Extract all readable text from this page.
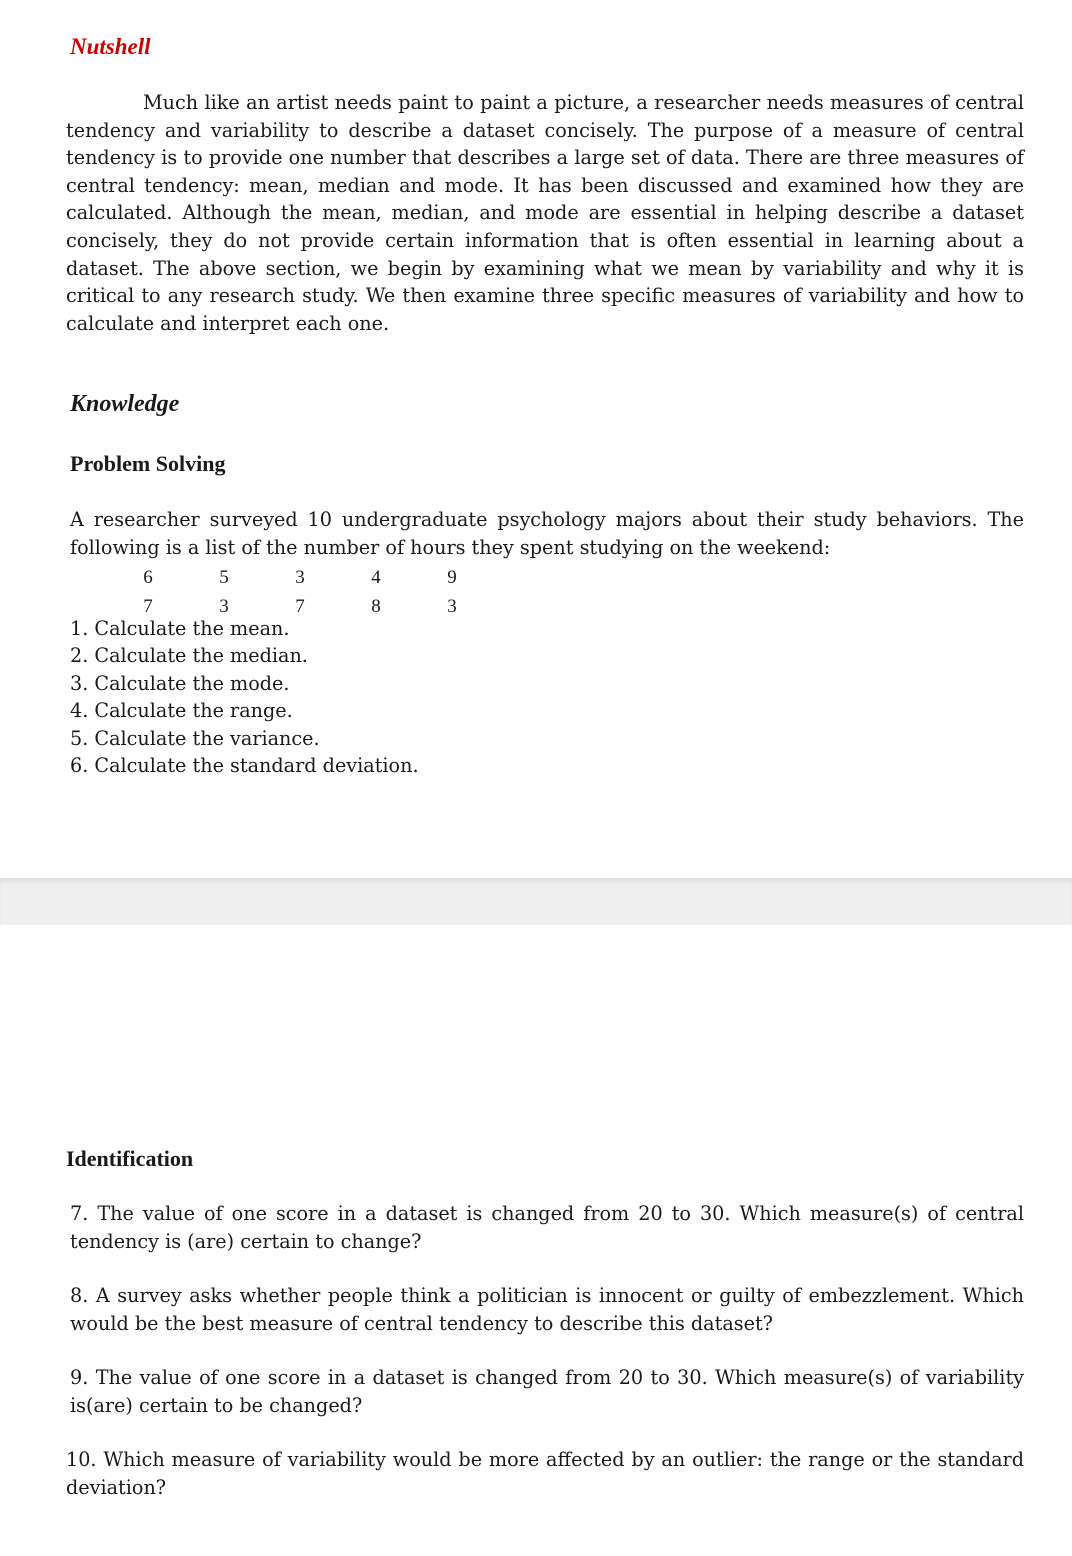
Nutshell

Much like an artist needs paint to paint a picture, a researcher needs measures of central tendency and variability to describe a dataset concisely. The purpose of a measure of central tendency is to provide one number that describes a large set of data. There are three measures of central tendency: mean, median and mode. It has been discussed and examined how they are calculated. Although the mean, median, and mode are essential in helping describe a dataset concisely, they do not provide certain information that is often essential in learning about a dataset. The above section, we begin by examining what we mean by variability and why it is critical to any research study. We then examine three specific measures of variability and how to calculate and interpret each one.

Knowledge
Problem Solving

A researcher surveyed 10 undergraduate psychology majors about their study behaviors. The following is a list of the number of hours they spent studying on the weekend:

6	5	3	4	9
7	3	7	8	3
1. Calculate the mean.
2. Calculate the median.
3. Calculate the mode.
4. Calculate the range.
5. Calculate the variance.
6. Calculate the standard deviation.
Identification

7. The value of one score in a dataset is changed from 20 to 30. Which measure(s) of central tendency is (are) certain to change?

8. A survey asks whether people think a politician is innocent or guilty of embezzlement. Which would be the best measure of central tendency to describe this dataset?

9. The value of one score in a dataset is changed from 20 to 30. Which measure(s) of variability is(are) certain to be changed?

10. Which measure of variability would be more affected by an outlier: the range or the standard deviation?
